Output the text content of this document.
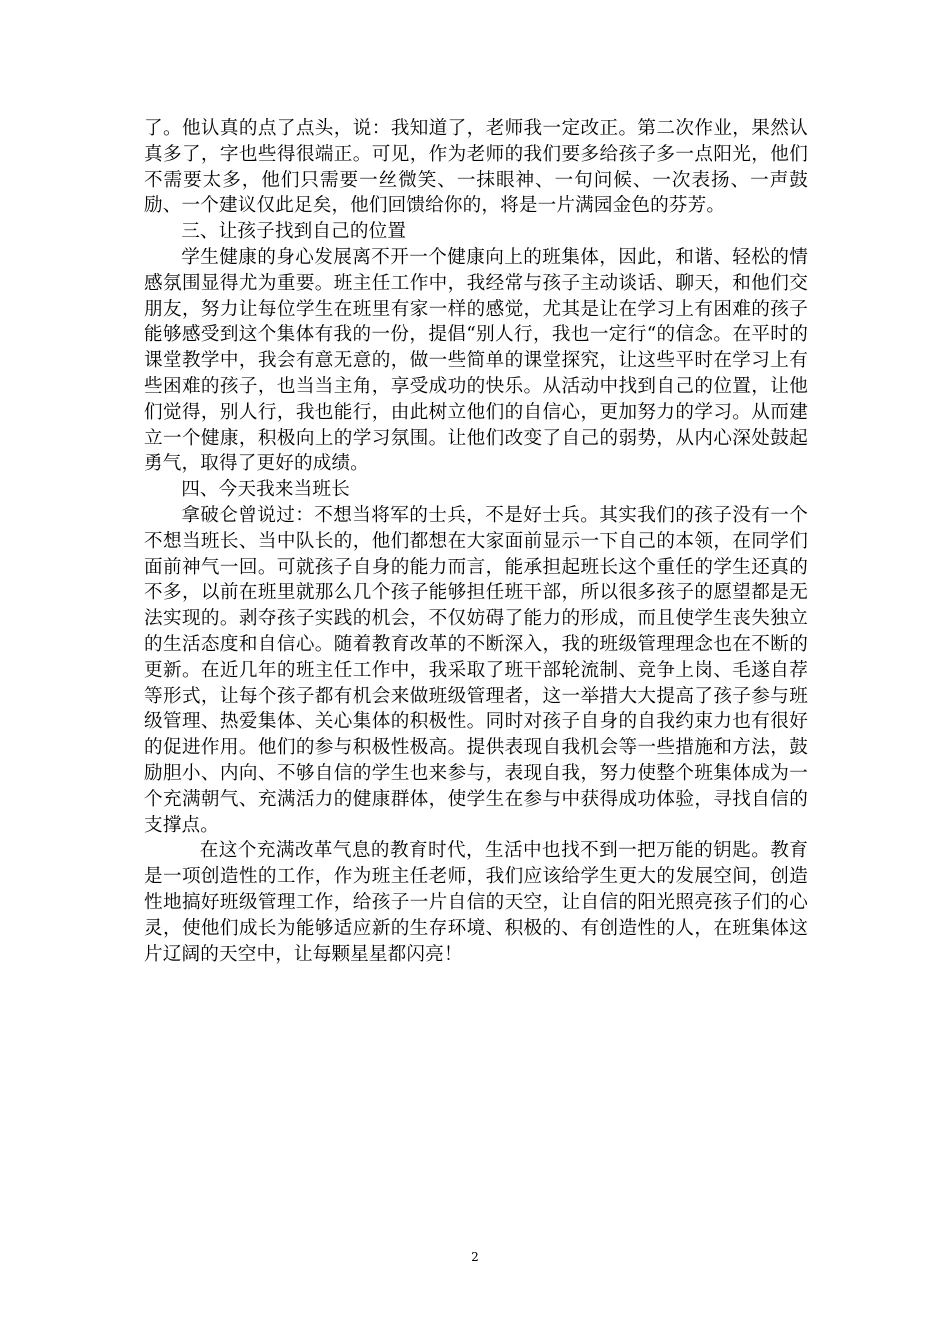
了。他认真的点了点头，说：我知道了，老师我一定改正。第二次作业，果然认真多了，字也些得很端正。可见，作为老师的我们要多给孩子多一点阳光，他们不需要太多，他们只需要一丝微笑、一抹眼神、一句问候、一次表扬、一声鼓励、一个建议仅此足矣，他们回馈给你的，将是一片满园金色的芬芳。

三、让孩子找到自己的位置

学生健康的身心发展离不开一个健康向上的班集体，因此，和谐、轻松的情感氛围显得尤为重要。班主任工作中，我经常与孩子主动谈话、聊天，和他们交朋友，努力让每位学生在班里有家一样的感觉，尤其是让在学习上有困难的孩子能够感受到这个集体有我的一份，提倡“别人行，我也一定行“的信念。在平时的课堂教学中，我会有意无意的，做一些简单的课堂探究，让这些平时在学习上有些困难的孩子，也当当主角，享受成功的快乐。从活动中找到自己的位置，让他们觉得，别人行，我也能行，由此树立他们的自信心，更加努力的学习。从而建立一个健康，积极向上的学习氛围。让他们改变了自己的弱势，从内心深处鼓起勇气，取得了更好的成绩。

四、今天我来当班长

拿破仑曾说过：不想当将军的士兵，不是好士兵。其实我们的孩子没有一个不想当班长、当中队长的，他们都想在大家面前显示一下自己的本领，在同学们面前神气一回。可就孩子自身的能力而言，能承担起班长这个重任的学生还真的不多，以前在班里就那么几个孩子能够担任班干部，所以很多孩子的愿望都是无法实现的。剥夺孩子实践的机会，不仅妨碍了能力的形成，而且使学生丧失独立的生活态度和自信心。随着教育改革的不断深入，我的班级管理理念也在不断的更新。在近几年的班主任工作中，我采取了班干部轮流制、竞争上岗、毛遂自荐等形式，让每个孩子都有机会来做班级管理者，这一举措大大提高了孩子参与班级管理、热爱集体、关心集体的积极性。同时对孩子自身的自我约束力也有很好的促进作用。他们的参与积极性极高。提供表现自我机会等一些措施和方法，鼓励胆小、内向、不够自信的学生也来参与，表现自我，努力使整个班集体成为一个充满朝气、充满活力的健康群体，使学生在参与中获得成功体验，寻找自信的支撑点。

在这个充满改革气息的教育时代，生活中也找不到一把万能的钥匙。教育是一项创造性的工作，作为班主任老师，我们应该给学生更大的发展空间，创造性地搞好班级管理工作，给孩子一片自信的天空，让自信的阳光照亮孩子们的心灵，使他们成长为能够适应新的生存环境、积极的、有创造性的人，在班集体这片辽阔的天空中，让每颗星星都闪亮！

2
